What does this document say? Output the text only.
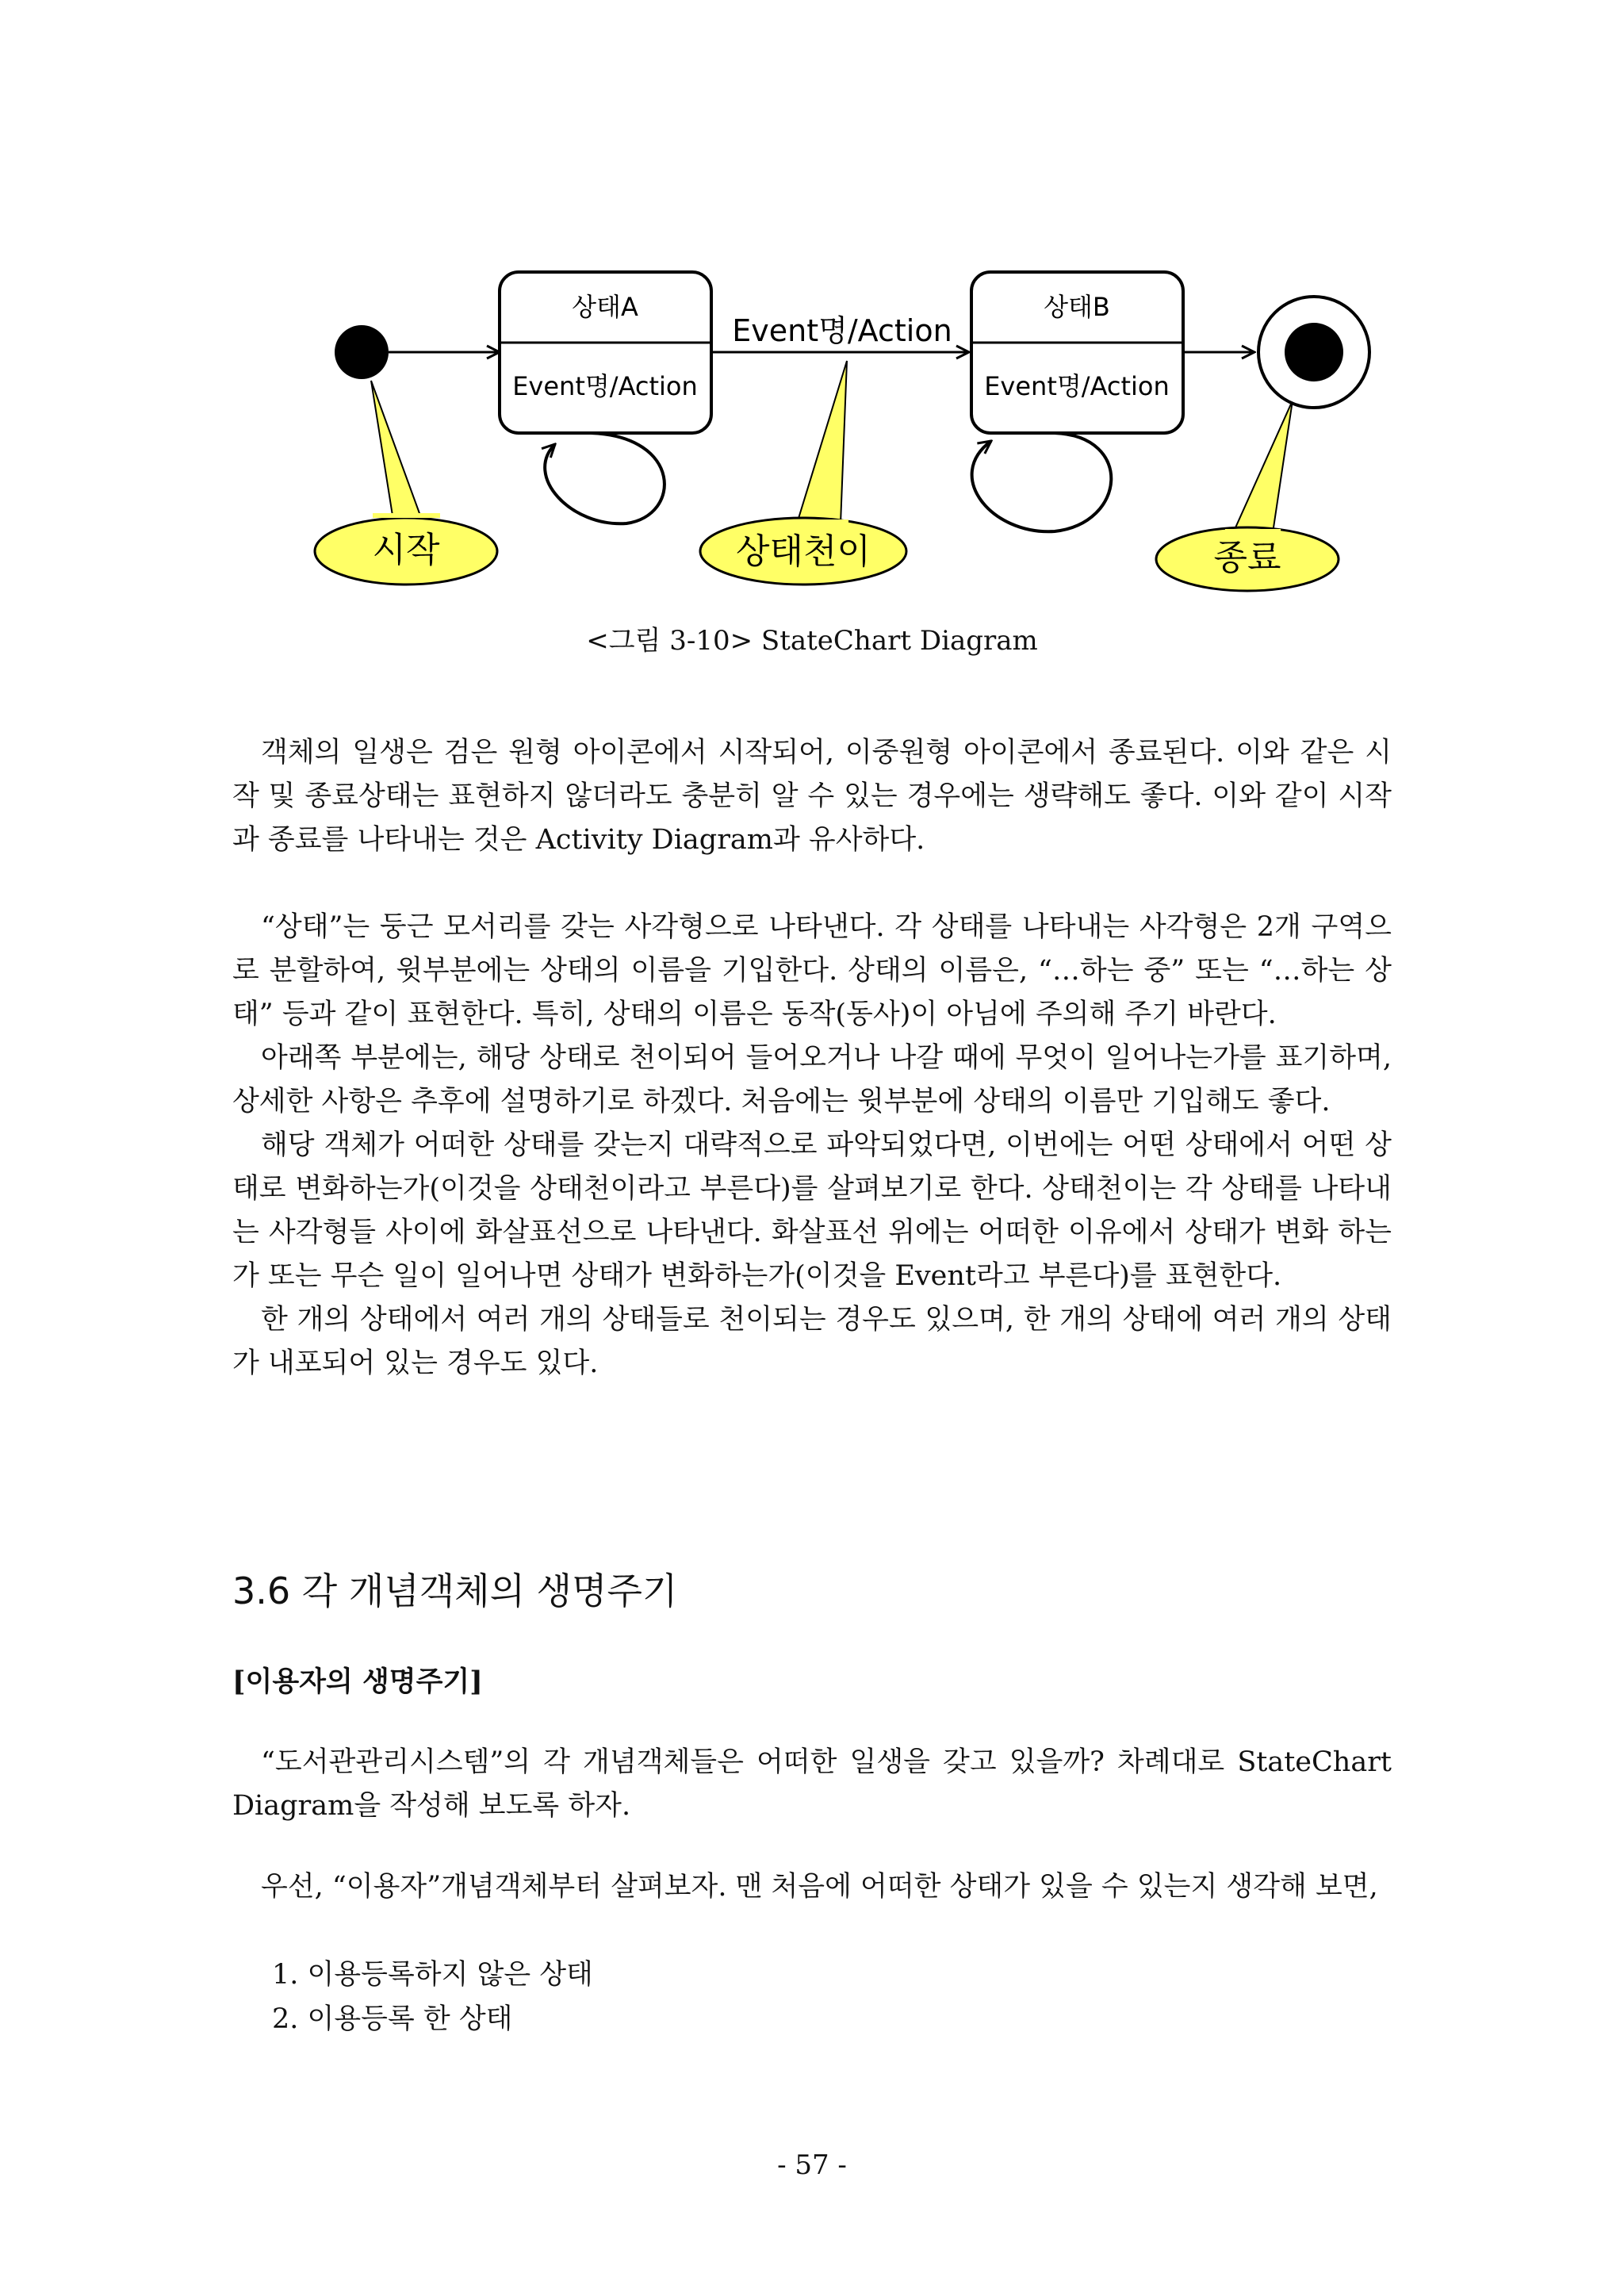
시작	상태천이	종료
Event명/Action
상태A
Event명/Action
상태B
Event명/Action
<그림 3-10> StateChart Diagram

객체의 일생은 검은 원형 아이콘에서 시작되어, 이중원형 아이콘에서 종료된다. 이와 같은 시작 및 종료상태는 표현하지 않더라도 충분히 알 수 있는 경우에는 생략해도 좋다. 이와 같이 시작과 종료를 나타내는 것은 Activity Diagram과 유사하다.

“상태”는 둥근 모서리를 갖는 사각형으로 나타낸다. 각 상태를 나타내는 사각형은 2개 구역으로 분할하여, 윗부분에는 상태의 이름을 기입한다. 상태의 이름은, “…하는 중” 또는 “…하는 상태” 등과 같이 표현한다. 특히, 상태의 이름은 동작(동사)이 아님에 주의해 주기 바란다.

아래쪽 부분에는, 해당 상태로 천이되어 들어오거나 나갈 때에 무엇이 일어나는가를 표기하며, 상세한 사항은 추후에 설명하기로 하겠다. 처음에는 윗부분에 상태의 이름만 기입해도 좋다.

해당 객체가 어떠한 상태를 갖는지 대략적으로 파악되었다면, 이번에는 어떤 상태에서 어떤 상태로 변화하는가(이것을 상태천이라고 부른다)를 살펴보기로 한다. 상태천이는 각 상태를 나타내는 사각형들 사이에 화살표선으로 나타낸다. 화살표선 위에는 어떠한 이유에서 상태가 변화 하는가 또는 무슨 일이 일어나면 상태가 변화하는가(이것을 Event라고 부른다)를 표현한다.

한 개의 상태에서 여러 개의 상태들로 천이되는 경우도 있으며, 한 개의 상태에 여러 개의 상태가 내포되어 있는 경우도 있다.

3.6 각 개념객체의 생명주기
[이용자의 생명주기]

“도서관관리시스템”의 각 개념객체들은 어떠한 일생을 갖고 있을까? 차례대로 StateChart Diagram을 작성해 보도록 하자.

우선, “이용자”개념객체부터 살펴보자. 맨 처음에 어떠한 상태가 있을 수 있는지 생각해 보면,

1. 이용등록하지 않은 상태
2. 이용등록 한 상태
- 57 -
